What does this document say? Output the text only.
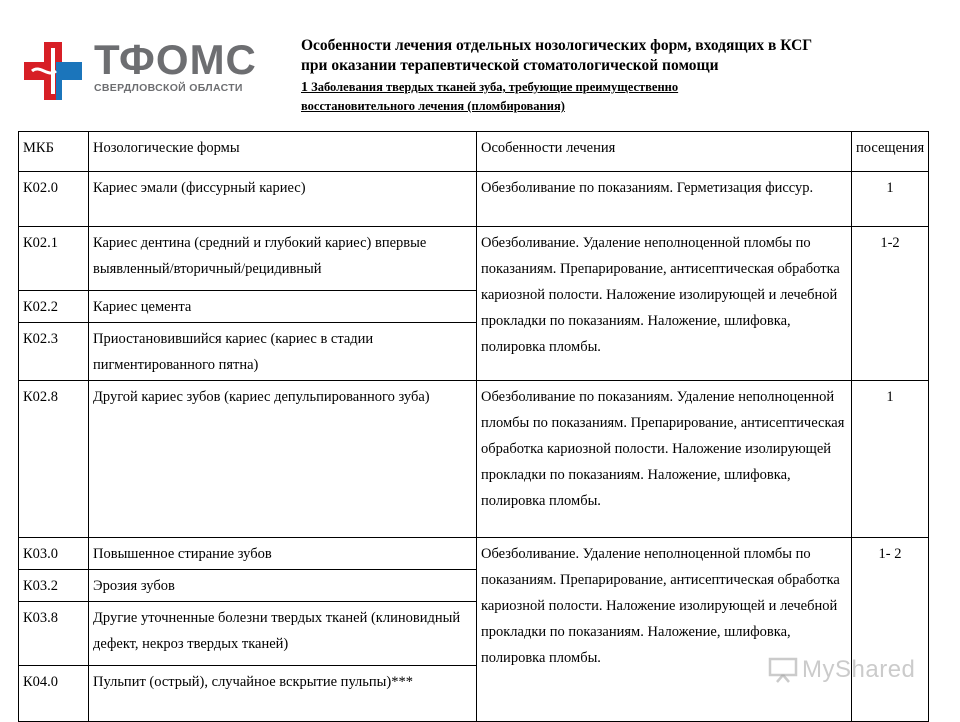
ТФОМС
СВЕРДЛОВСКОЙ ОБЛАСТИ
Особенности лечения отдельных нозологических форм, входящих в КСГ
при оказании терапевтической стоматологической помощи
1 Заболевания твердых тканей зуба, требующие преимущественно
восстановительного лечения (пломбирования)
МКБ	Нозологические формы	Особенности лечения	посещения
К02.0	Кариес эмали (фиссурный кариес)	Обезболивание по показаниям. Герметизация фиссур.	1
К02.1	Кариес дентина (средний и глубокий кариес) впервые выявленный/вторичный/рецидивный	Обезболивание. Удаление неполноценной пломбы по показаниям. Препарирование, антисептическая обработка кариозной полости. Наложение изолирующей и лечебной прокладки по показаниям. Наложение, шлифовка, полировка пломбы.	1-2
К02.2	Кариес цемента		
К02.3	Приостановившийся кариес (кариес в стадии пигментированного пятна)		
К02.8	Другой кариес зубов (кариес депульпированного зуба)	Обезболивание по показаниям. Удаление неполноценной пломбы по показаниям. Препарирование, антисептическая обработка кариозной полости. Наложение изолирующей прокладки по показаниям. Наложение, шлифовка, полировка пломбы.	1
К03.0	Повышенное стирание зубов	Обезболивание. Удаление неполноценной пломбы по показаниям. Препарирование, антисептическая обработка кариозной полости. Наложение изолирующей и лечебной прокладки по показаниям. Наложение, шлифовка, полировка пломбы.	1- 2
К03.2	Эрозия зубов		
К03.8	Другие уточненные болезни твердых тканей (клиновидный дефект, некроз твердых тканей)		
К04.0	Пульпит (острый), случайное вскрытие пульпы)***			MyShared
